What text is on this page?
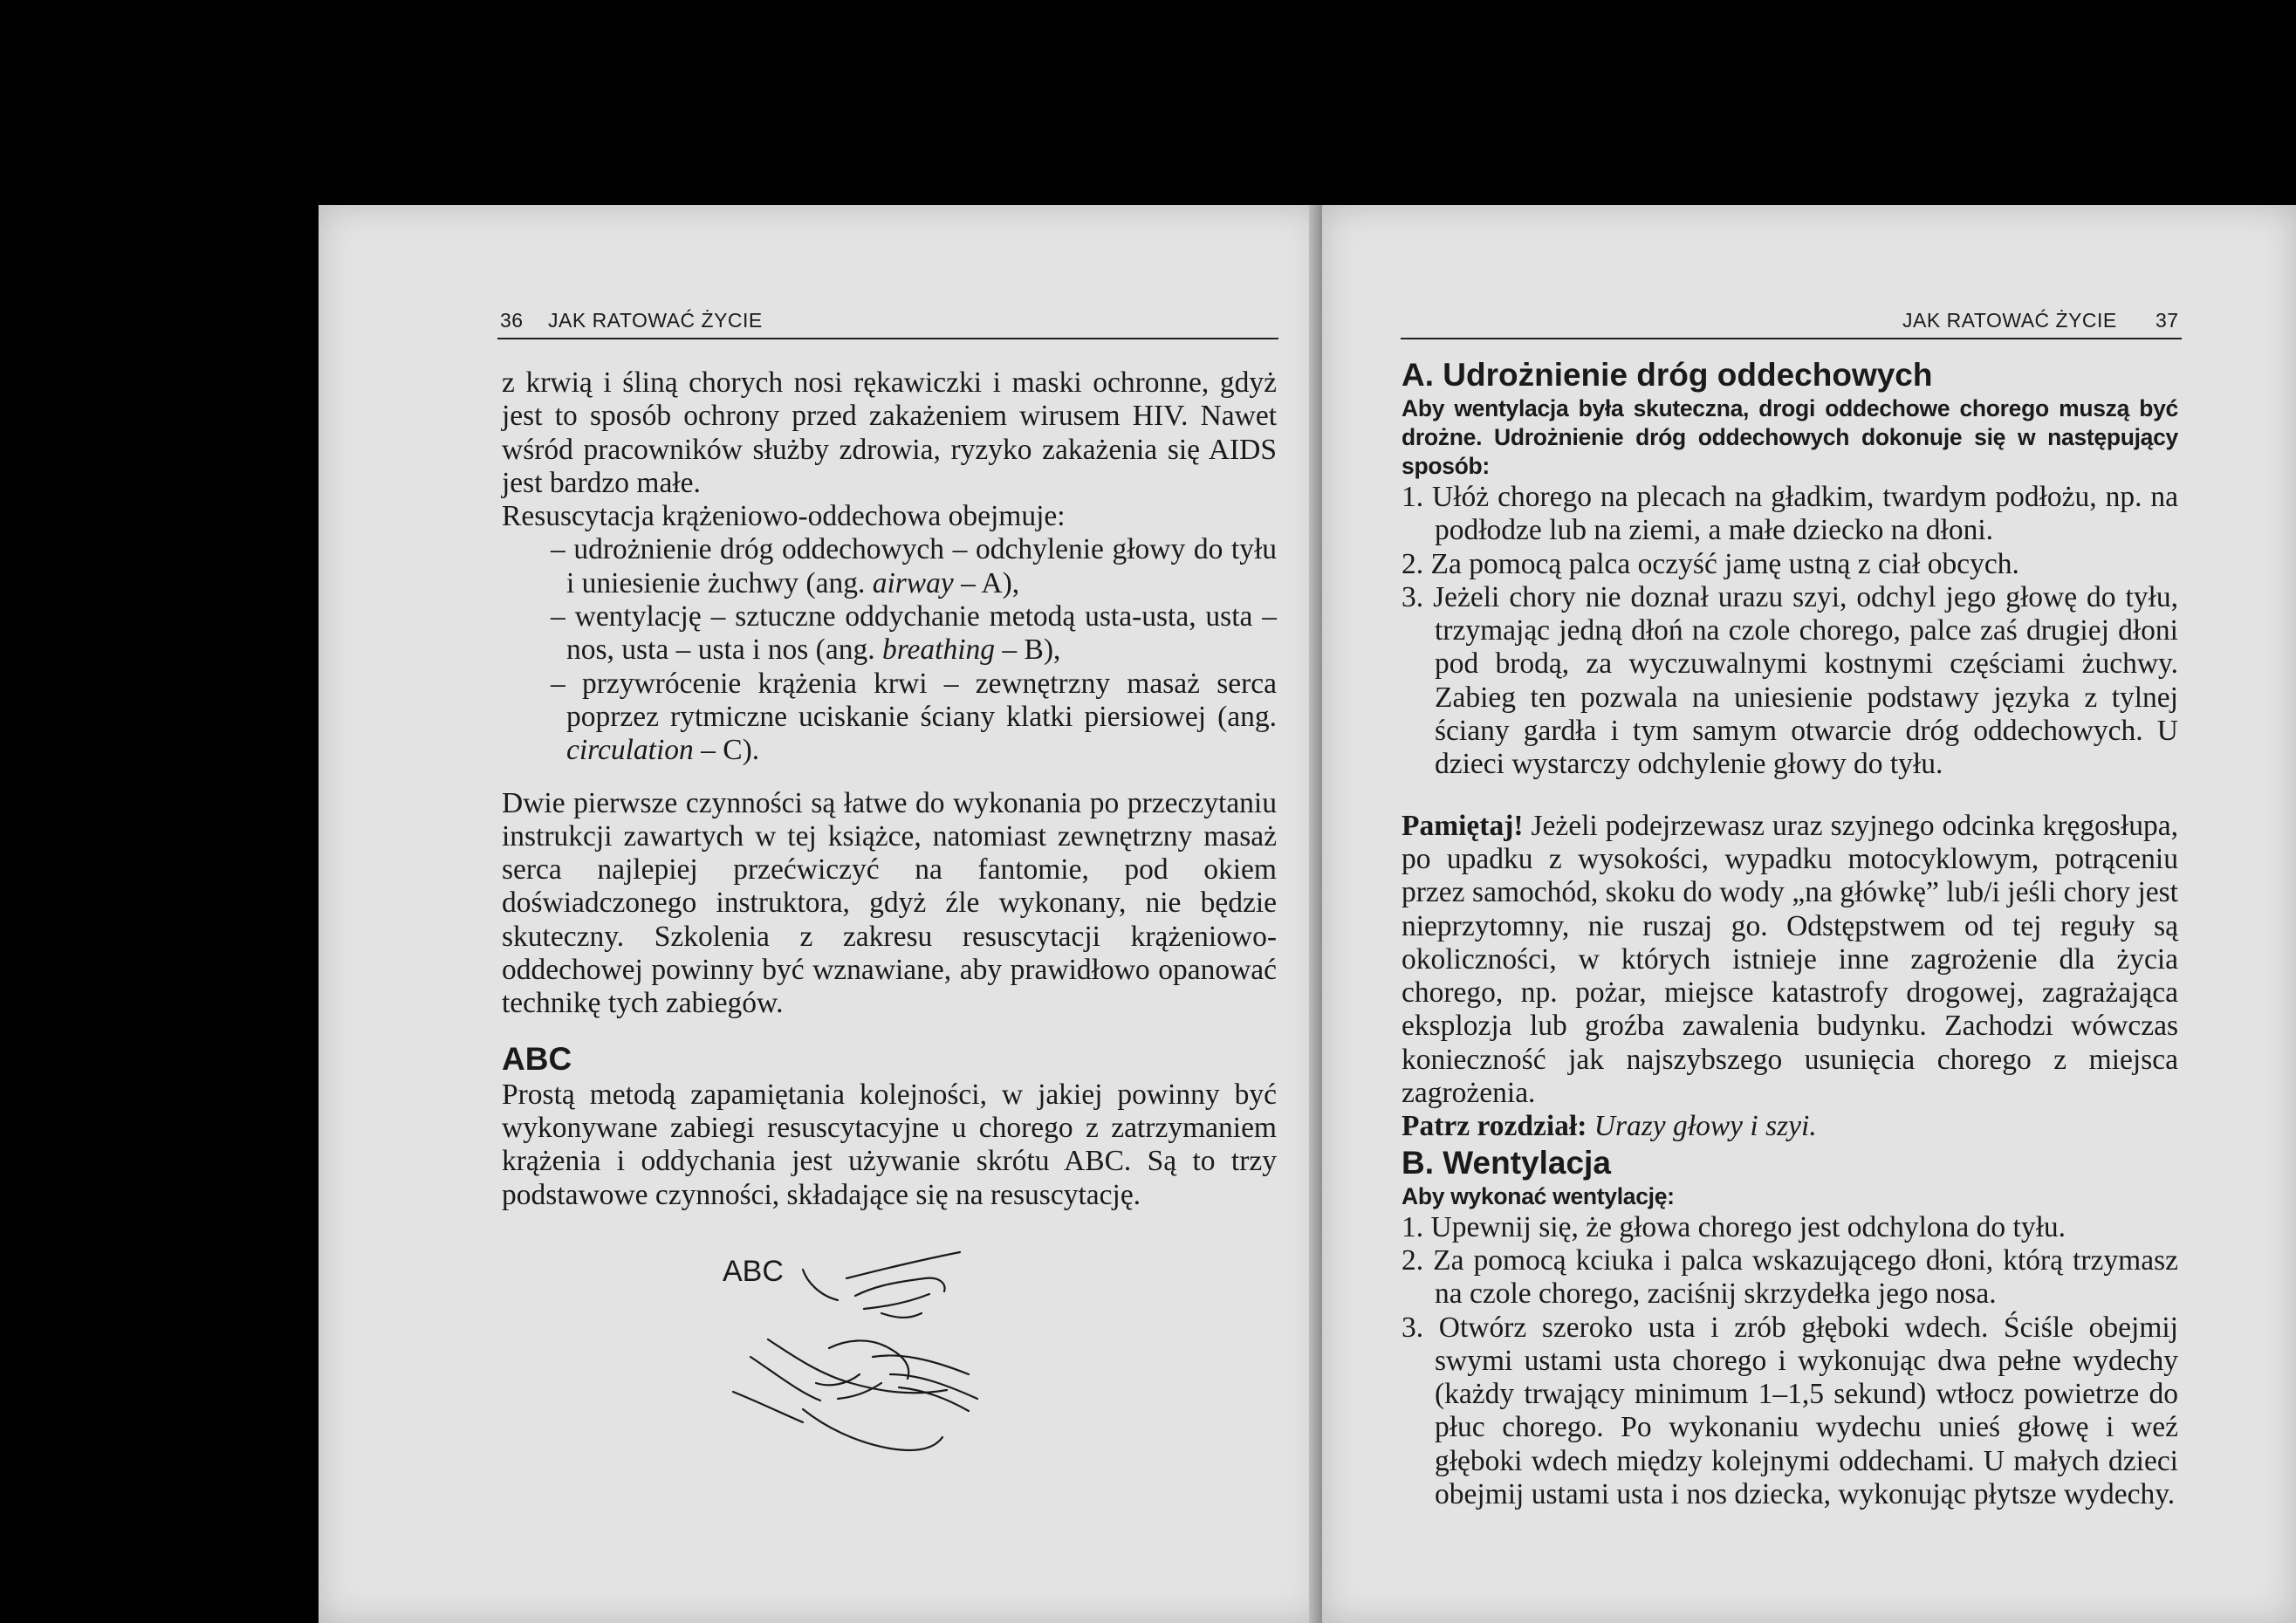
36 JAK RATOWAĆ ŻYCIE	JAK RATOWAĆ ŻYCIE 37

z krwią i śliną chorych nosi rękawiczki i maski ochronne, gdyż jest to sposób ochrony przed zakażeniem wirusem HIV. Nawet wśród pracowników służby zdrowia, ryzyko zakażenia się AIDS jest bardzo małe.

Resuscytacja krążeniowo-oddechowa obejmuje:

– udrożnienie dróg oddechowych – odchylenie głowy do tyłu i uniesienie żuchwy (ang. airway – A),
– wentylację – sztuczne oddychanie metodą usta-usta, usta – nos, usta – usta i nos (ang. breathing – B),
– przywrócenie krążenia krwi – zewnętrzny masaż serca poprzez rytmiczne uciskanie ściany klatki piersiowej (ang. circulation – C).

Dwie pierwsze czynności są łatwe do wykonania po przeczytaniu instrukcji zawartych w tej książce, natomiast zewnętrzny masaż serca najlepiej przećwiczyć na fantomie, pod okiem doświadczonego instruktora, gdyż źle wykonany, nie będzie skuteczny. Szkolenia z zakresu resuscytacji krążeniowo-oddechowej powinny być wznawiane, aby prawidłowo opanować technikę tych zabiegów.

ABC

Prostą metodą zapamiętania kolejności, w jakiej powinny być wykonywane zabiegi resuscytacyjne u chorego z zatrzymaniem krążenia i oddychania jest używanie skrótu ABC. Są to trzy podstawowe czynności, składające się na resuscytację.

ABC
A. Udrożnienie dróg oddechowych

Aby wentylacja była skuteczna, drogi oddechowe chorego muszą być drożne. Udrożnienie dróg oddechowych dokonuje się w następujący sposób:

1. Ułóż chorego na plecach na gładkim, twardym podłożu, np. na podłodze lub na ziemi, a małe dziecko na dłoni.
2. Za pomocą palca oczyść jamę ustną z ciał obcych.
3. Jeżeli chory nie doznał urazu szyi, odchyl jego głowę do tyłu, trzymając jedną dłoń na czole chorego, palce zaś drugiej dłoni pod brodą, za wyczuwalnymi kostnymi częściami żuchwy. Zabieg ten pozwala na uniesienie podstawy języka z tylnej ściany gardła i tym samym otwarcie dróg oddechowych. U dzieci wystarczy odchylenie głowy do tyłu.

Pamiętaj! Jeżeli podejrzewasz uraz szyjnego odcinka kręgosłupa, po upadku z wysokości, wypadku motocyklowym, potrąceniu przez samochód, skoku do wody „na główkę” lub/i jeśli chory jest nieprzytomny, nie ruszaj go. Odstępstwem od tej reguły są okoliczności, w których istnieje inne zagrożenie dla życia chorego, np. pożar, miejsce katastrofy drogowej, zagrażająca eksplozja lub groźba zawalenia budynku. Zachodzi wówczas konieczność jak najszybszego usunięcia chorego z miejsca zagrożenia.

Patrz rozdział: Urazy głowy i szyi.

B. Wentylacja

Aby wykonać wentylację:

1. Upewnij się, że głowa chorego jest odchylona do tyłu.
2. Za pomocą kciuka i palca wskazującego dłoni, którą trzymasz na czole chorego, zaciśnij skrzydełka jego nosa.
3. Otwórz szeroko usta i zrób głęboki wdech. Ściśle obejmij swymi ustami usta chorego i wykonując dwa pełne wydechy (każdy trwający minimum 1–1,5 sekund) wtłocz powietrze do płuc chorego. Po wykonaniu wydechu unieś głowę i weź głęboki wdech między kolejnymi oddechami. U małych dzieci obejmij ustami usta i nos dziecka, wykonując płytsze wydechy.
